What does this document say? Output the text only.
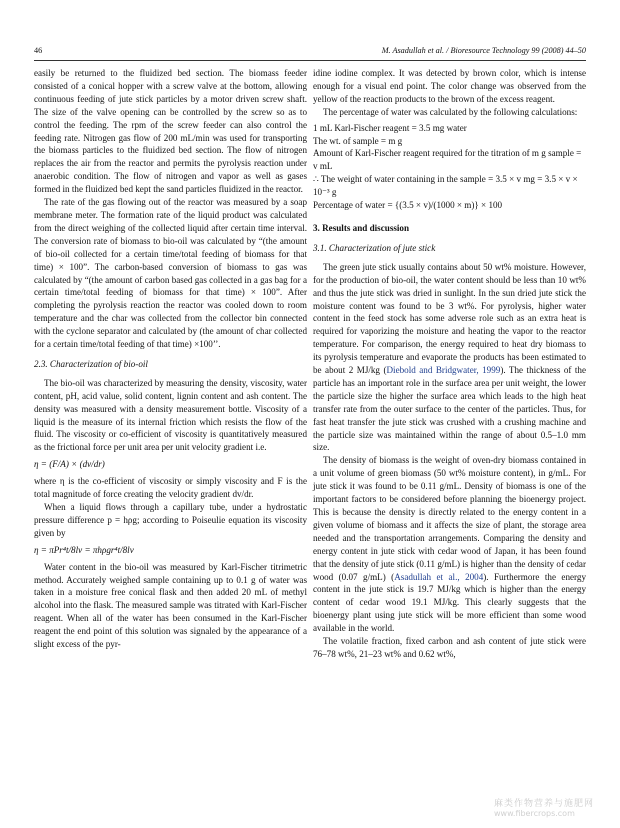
46	M. Asadullah et al. / Bioresource Technology 99 (2008) 44–50

easily be returned to the fluidized bed section. The biomass feeder consisted of a conical hopper with a screw valve at the bottom, allowing continuous feeding of jute stick particles by a motor driven screw shaft. The size of the valve opening can be controlled by the screw so as to control the feeding. The rpm of the screw feeder can also control the feeding rate. Nitrogen gas flow of 200 mL/min was used for transporting the biomass particles to the fluidized bed section. The flow of nitrogen replaces the air from the reactor and permits the pyrolysis reaction under anaerobic condition. The flow of nitrogen and vapor as well as gases formed in the fluidized bed kept the sand particles fluidized in the reactor.

The rate of the gas flowing out of the reactor was measured by a soap membrane meter. The formation rate of the liquid product was calculated from the direct weighing of the collected liquid after certain time interval. The conversion rate of biomass to bio-oil was calculated by “(the amount of bio-oil collected for a certain time/total feeding of biomass for that time) × 100”. The carbon-based conversion of biomass to gas was calculated by “(the amount of carbon based gas collected in a gas bag for a certain time/total feeding of biomass for that time) × 100”. After completing the pyrolysis reaction the reactor was cooled down to room temperature and the char was collected from the collector bin connected with the cyclone separator and calculated by (the amount of char collected for a certain time/total feeding of that time) ×100’’.

2.3. Characterization of bio-oil

The bio-oil was characterized by measuring the density, viscosity, water content, pH, acid value, solid content, lignin content and ash content. The density was measured with a density measurement bottle. Viscosity of a liquid is the measure of its internal friction which resists the flow of the fluid. The viscosity or co-efficient of viscosity is quantitatively measured as the frictional force per unit area per unit velocity gradient i.e.

η = (F/A) × (dv/dr)

where η is the co-efficient of viscosity or simply viscosity and F is the total magnitude of force creating the velocity gradient dv/dr.

When a liquid flows through a capillary tube, under a hydrostatic pressure difference p = hρg; according to Poiseulie equation its viscosity given by

η = πPr⁴t/8lv = πhρgr⁴t/8lv

Water content in the bio-oil was measured by Karl-Fischer titrimetric method. Accurately weighed sample containing up to 0.1 g of water was taken in a moisture free conical flask and then added 20 mL of methyl alcohol into the flask. The measured sample was titrated with Karl-Fischer reagent. When all of the water has been consumed in the Karl-Fischer reagent the end point of this solution was signaled by the appearance of a slight excess of the pyr-

idine iodine complex. It was detected by brown color, which is intense enough for a visual end point. The color change was observed from the yellow of the reaction products to the brown of the excess reagent.

The percentage of water was calculated by the following calculations:

1 mL Karl-Fischer reagent = 3.5 mg water
The wt. of sample = m g
Amount of Karl-Fischer reagent required for the titration of m g sample = v mL
∴ The weight of water containing in the sample = 3.5 × v mg = 3.5 × v × 10⁻³ g
Percentage of water = {(3.5 × v)/(1000 × m)} × 100
3. Results and discussion
3.1. Characterization of jute stick

The green jute stick usually contains about 50 wt% moisture. However, for the production of bio-oil, the water content should be less than 10 wt% and thus the jute stick was dried in sunlight. In the sun dried jute stick the moisture content was found to be 3 wt%. For pyrolysis, higher water content in the feed stock has some adverse role such as an extra heat is required for vaporizing the moisture and heating the vapor to the reactor temperature. For comparison, the energy required to heat dry biomass to its pyrolysis temperature and evaporate the products has been estimated to be about 2 MJ/kg (Diebold and Bridgwater, 1999). The thickness of the particle has an important role in the surface area per unit weight, the lower the particle size the higher the surface area which leads to the high heat transfer rate from the outer surface to the center of the particles. Thus, for fast heat transfer the jute stick was crushed with a crushing machine and the particle size was maintained within the range of about 0.5–1.0 mm size.

The density of biomass is the weight of oven-dry biomass contained in a unit volume of green biomass (50 wt% moisture content), in g/mL. For jute stick it was found to be 0.11 g/mL. Density of biomass is one of the important factors to be considered before planning the bioenergy project. This is because the density is directly related to the energy content in a given volume of biomass and it affects the size of plant, the storage area needed and the transportation arrangements. Comparing the density and energy content in jute stick with cedar wood of Japan, it has been found that the density of jute stick (0.11 g/mL) is higher than the density of cedar wood (0.07 g/mL) (Asadullah et al., 2004). Furthermore the energy content in the jute stick is 19.7 MJ/kg which is higher than the energy content of cedar wood 19.1 MJ/kg. This clearly suggests that the bioenergy plant using jute stick will be more efficient than some wood available in the world.

The volatile fraction, fixed carbon and ash content of jute stick were 76–78 wt%, 21–23 wt% and 0.62 wt%,

麻类作物营养与施肥网
www.fibercrops.com
